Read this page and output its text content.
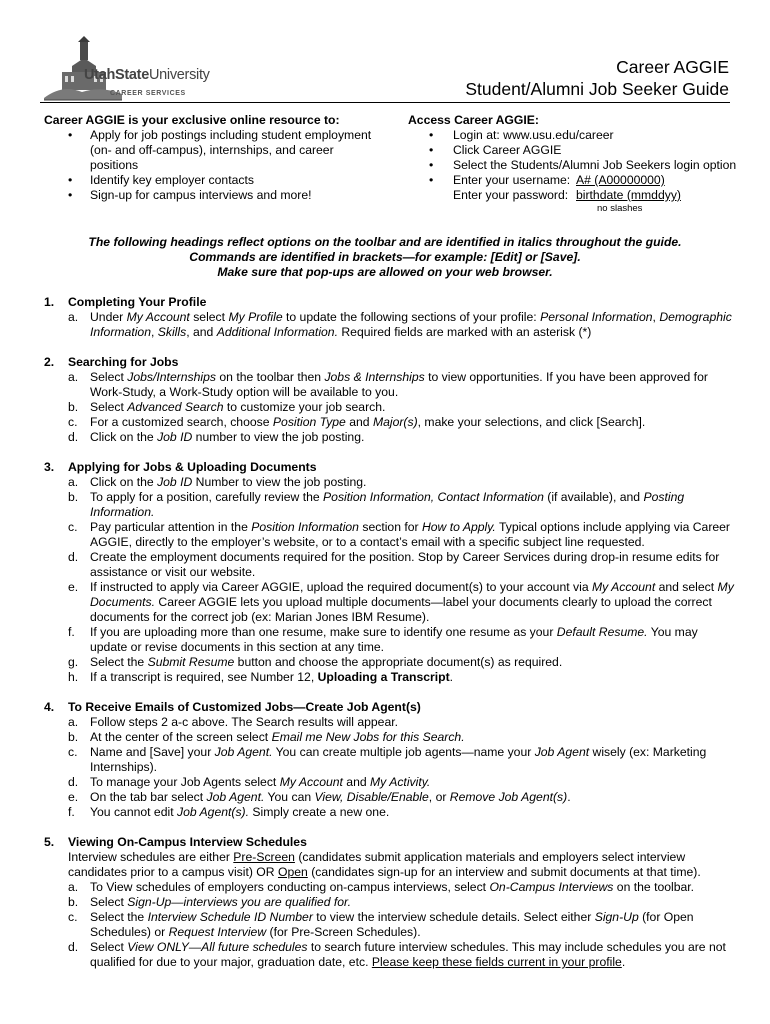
UtahStateUniversity
CAREER SERVICES
Career AGGIE
Student/Alumni Job Seeker Guide
Career AGGIE is your exclusive online resource to:
• Apply for job postings including student employment (on- and off-campus), internships, and career positions
• Identify key employer contacts
• Sign-up for campus interviews and more!
Access Career AGGIE:
• Login at: www.usu.edu/career
• Click Career AGGIE
• Select the Students/Alumni Job Seekers login option
• Enter your username: A# (A00000000)
Enter your password: birthdate (mmddyy)
no slashes
The following headings reflect options on the toolbar and are identified in italics throughout the guide.
Commands are identified in brackets—for example: [Edit] or [Save].
Make sure that pop-ups are allowed on your web browser.
1. Completing Your Profile
a. Under My Account select My Profile to update the following sections of your profile: Personal Information, Demographic Information, Skills, and Additional Information. Required fields are marked with an asterisk (*)
2. Searching for Jobs
a. Select Jobs/Internships on the toolbar then Jobs & Internships to view opportunities. If you have been approved for Work-Study, a Work-Study option will be available to you.
b. Select Advanced Search to customize your job search.
c. For a customized search, choose Position Type and Major(s), make your selections, and click [Search].
d. Click on the Job ID number to view the job posting.
3. Applying for Jobs & Uploading Documents
a. Click on the Job ID Number to view the job posting.
b. To apply for a position, carefully review the Position Information, Contact Information (if available), and Posting Information.
c. Pay particular attention in the Position Information section for How to Apply. Typical options include applying via Career AGGIE, directly to the employer’s website, or to a contact’s email with a specific subject line requested.
d. Create the employment documents required for the position. Stop by Career Services during drop-in resume edits for assistance or visit our website.
e. If instructed to apply via Career AGGIE, upload the required document(s) to your account via My Account and select My Documents. Career AGGIE lets you upload multiple documents—label your documents clearly to upload the correct documents for the correct job (ex: Marian Jones IBM Resume).
f. If you are uploading more than one resume, make sure to identify one resume as your Default Resume. You may update or revise documents in this section at any time.
g. Select the Submit Resume button and choose the appropriate document(s) as required.
h. If a transcript is required, see Number 12, Uploading a Transcript.
4. To Receive Emails of Customized Jobs—Create Job Agent(s)
a. Follow steps 2 a-c above. The Search results will appear.
b. At the center of the screen select Email me New Jobs for this Search.
c. Name and [Save] your Job Agent. You can create multiple job agents—name your Job Agent wisely (ex: Marketing Internships).
d. To manage your Job Agents select My Account and My Activity.
e. On the tab bar select Job Agent. You can View, Disable/Enable, or Remove Job Agent(s).
f. You cannot edit Job Agent(s). Simply create a new one.
5. Viewing On-Campus Interview Schedules
Interview schedules are either Pre-Screen (candidates submit application materials and employers select interview candidates prior to a campus visit) OR Open (candidates sign-up for an interview and submit documents at that time).
a. To View schedules of employers conducting on-campus interviews, select On-Campus Interviews on the toolbar.
b. Select Sign-Up—interviews you are qualified for.
c. Select the Interview Schedule ID Number to view the interview schedule details. Select either Sign-Up (for Open Schedules) or Request Interview (for Pre-Screen Schedules).
d. Select View ONLY—All future schedules to search future interview schedules. This may include schedules you are not qualified for due to your major, graduation date, etc. Please keep these fields current in your profile.
